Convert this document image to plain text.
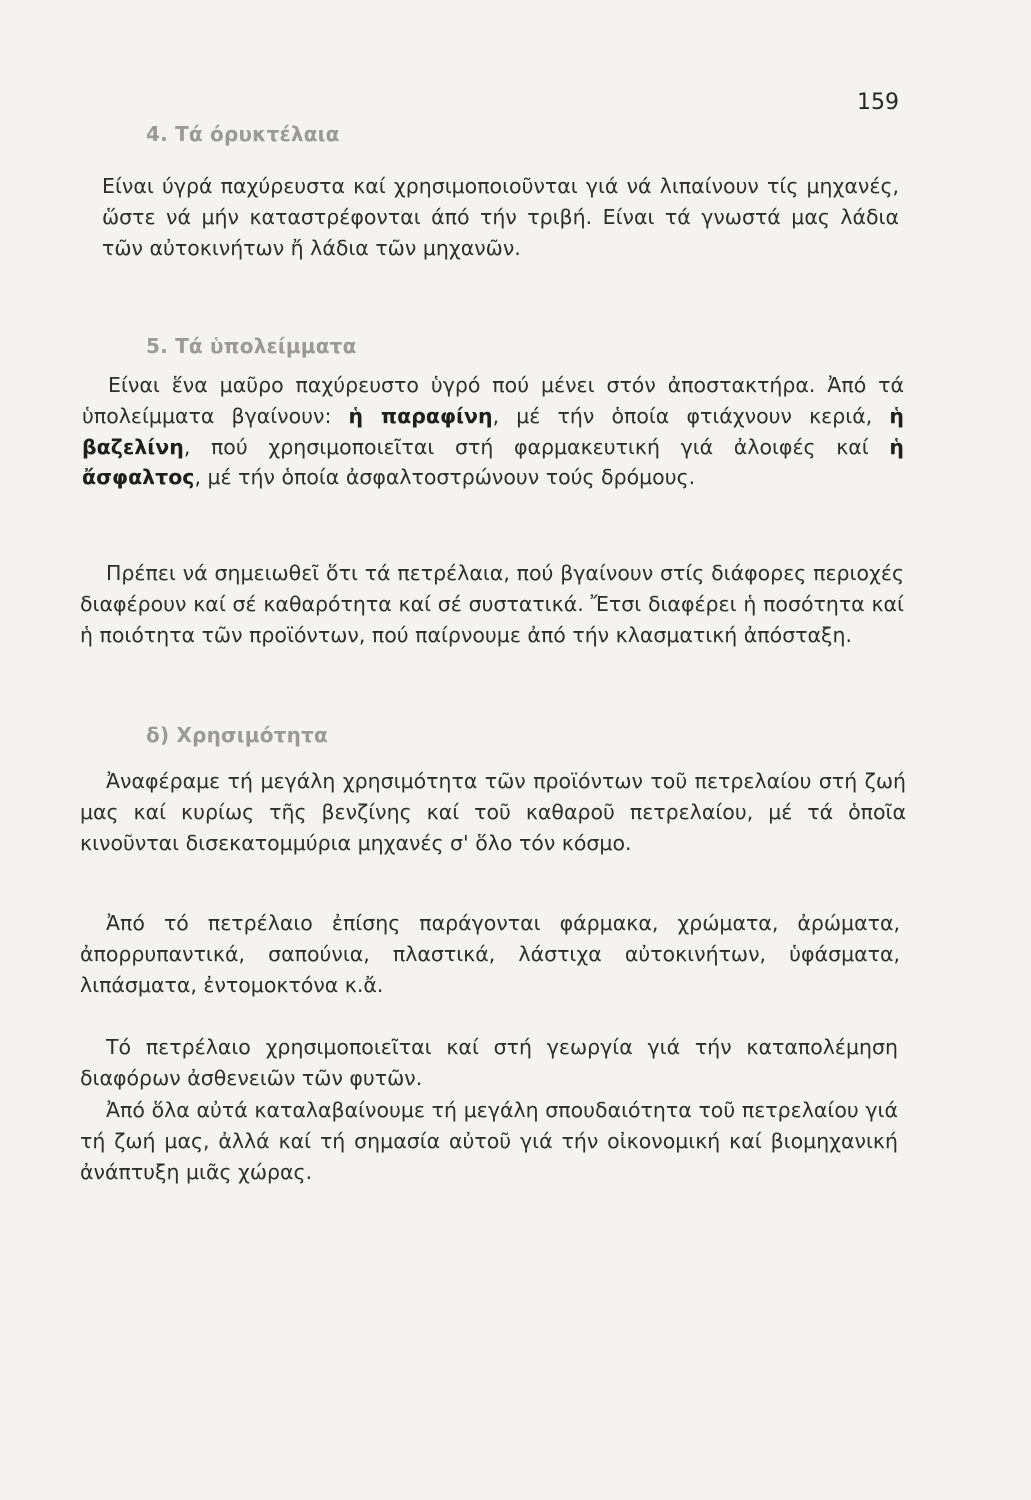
159
4. Τά όρυκτέλαια

Είναι ύγρά παχύρευστα καί χρησιμοποιοῦνται γιά νά λιπαίνουν τίς μηχανές, ὥστε νά μήν καταστρέφονται άπό τήν τριβή. Είναι τά γνωστά μας λάδια τῶν αὐτοκινήτων ἤ λάδια τῶν μηχανῶν.

5. Τά ὑπολείμματα

Είναι ἕνα μαῦρο παχύρευστο ὑγρό πού μένει στόν ἀποστακτήρα. Ἀπό τά ὑπολείμματα βγαίνουν: ἡ παραφίνη, μέ τήν ὁποία φτιάχνουν κεριά, ἡ βαζελίνη, πού χρησιμοποιεῖται στή φαρμακευτική γιά ἀλοιφές καί ἡ ἄσφαλτος, μέ τήν ὁποία ἀσφαλτοστρώνουν τούς δρόμους.

Πρέπει νά σημειωθεῖ ὅτι τά πετρέλαια, πού βγαίνουν στίς διάφορες περιοχές διαφέρουν καί σέ καθαρότητα καί σέ συστατικά. Ἔτσι διαφέρει ἡ ποσότητα καί ἡ ποιότητα τῶν προϊόντων, πού παίρνουμε ἀπό τήν κλασματική ἀπόσταξη.

δ) Χρησιμότητα

Ἀναφέραμε τή μεγάλη χρησιμότητα τῶν προϊόντων τοῦ πετρελαίου στή ζωή μας καί κυρίως τῆς βενζίνης καί τοῦ καθαροῦ πετρελαίου, μέ τά ὁποῖα κινοῦνται δισεκατομμύρια μηχανές σ' ὅλο τόν κόσμο.

Ἀπό τό πετρέλαιο ἐπίσης παράγονται φάρμακα, χρώματα, ἀρώματα, ἀπορρυπαντικά, σαπούνια, πλαστικά, λάστιχα αὐτοκινήτων, ὑφάσματα, λιπάσματα, ἐντομοκτόνα κ.ἄ.

Τό πετρέλαιο χρησιμοποιεῖται καί στή γεωργία γιά τήν καταπολέμηση διαφόρων ἀσθενειῶν τῶν φυτῶν.

Ἀπό ὅλα αὐτά καταλαβαίνουμε τή μεγάλη σπουδαιότητα τοῦ πετρελαίου γιά τή ζωή μας, ἀλλά καί τή σημασία αὐτοῦ γιά τήν οἰκονομική καί βιομηχανική ἀνάπτυξη μιᾶς χώρας.
